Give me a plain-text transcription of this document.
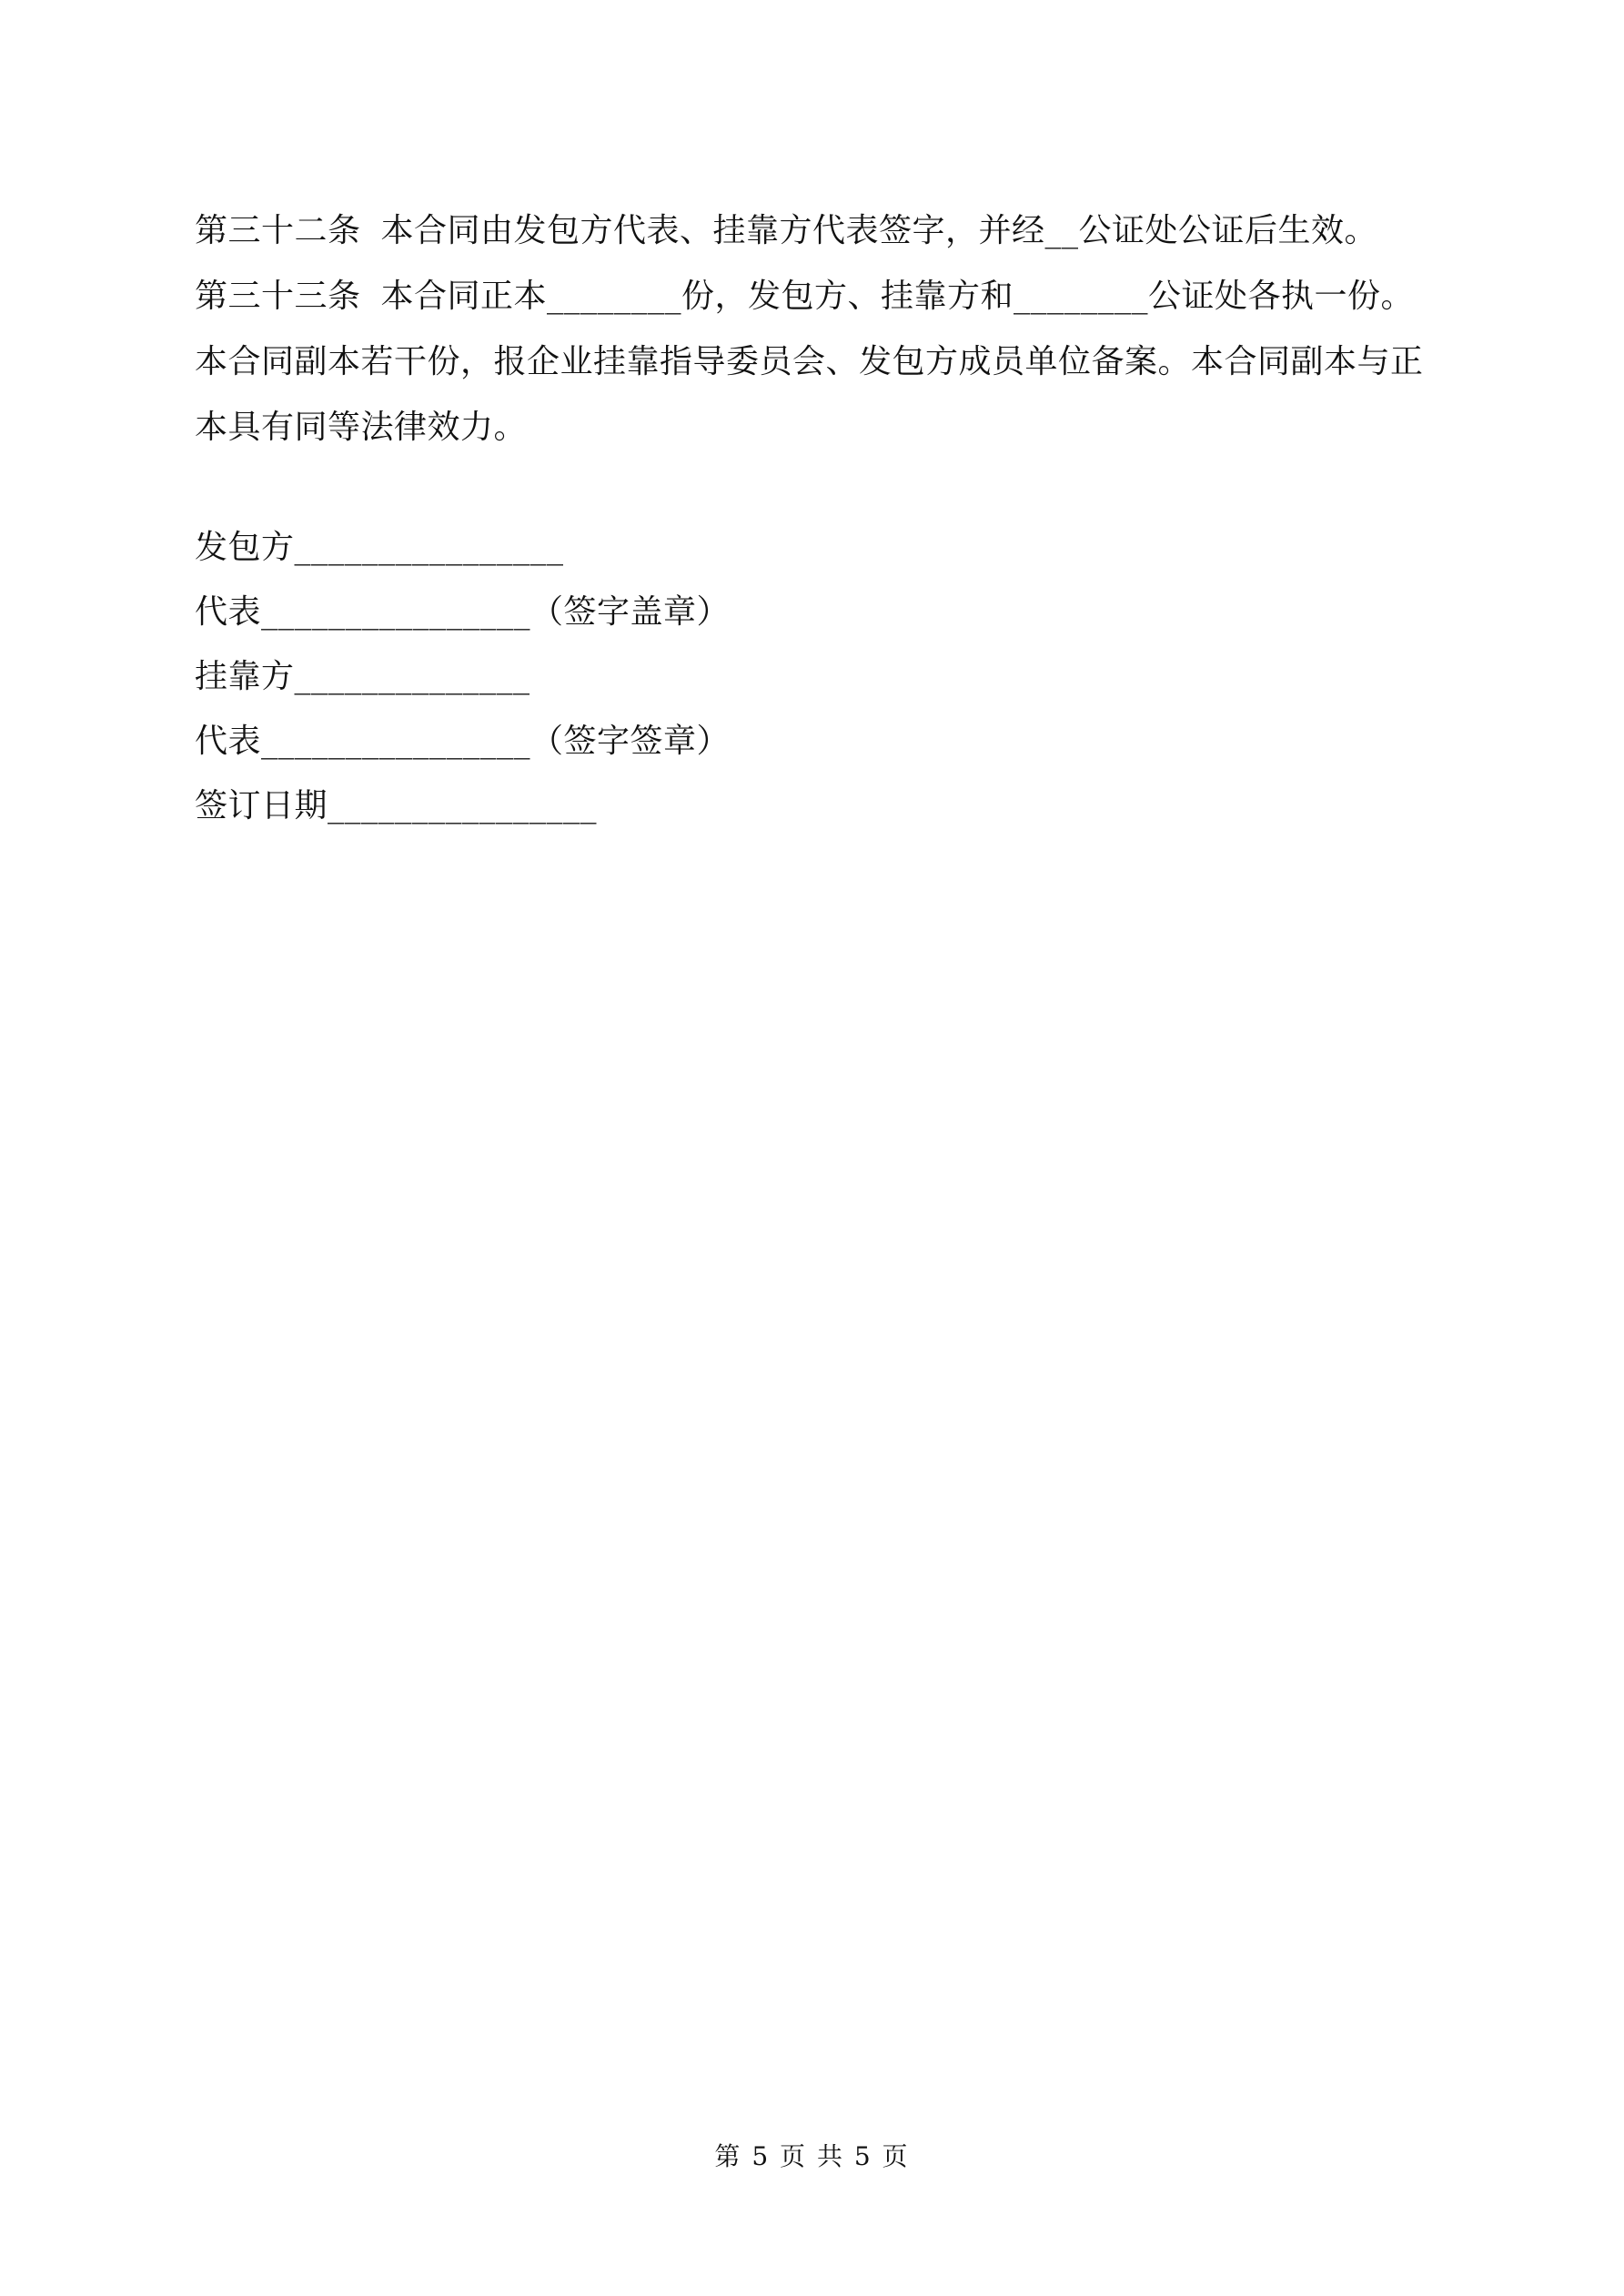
第三十二条 本合同由发包方代表、挂靠方代表签字，并经__公证处公证后生效。

第三十三条 本合同正本________份，发包方、挂靠方和________公证处各执一份。

本合同副本若干份，报企业挂靠指导委员会、发包方成员单位备案。本合同副本与正本具有同等法律效力。

发包方________________
代表________________（签字盖章）
挂靠方______________
代表________________（签字签章）
签订日期________________
第 5 页 共 5 页
